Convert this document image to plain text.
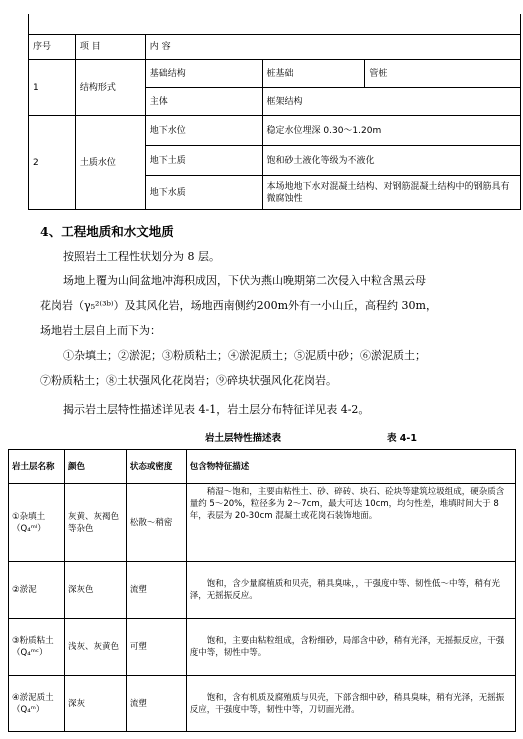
序号	项 目	内 容		
1	结构形式	基础结构	桩基础	管桩
		主体	框架结构	
2	土质水位	地下水位	稳定水位埋深 0.30～1.20m	
		地下土质	饱和砂土液化等级为不液化	
		地下水质	本场地地下水对混凝土结构、对钢筋混凝土结构中的钢筋具有微腐蚀性	
4、工程地质和水文地质
按照岩土工程性状划分为 8 层。
场地上覆为山间盆地冲海积成因，下伏为燕山晚期第二次侵入中粒含黑云母
花岗岩（γ₅²⁽³ᵇ⁾）及其风化岩，场地西南侧约200m外有一小山丘，高程约 30m，
场地岩土层自上而下为：
①杂填土；②淤泥；③粉质粘土；④淤泥质土；⑤泥质中砂；⑥淤泥质土；
⑦粉质粘土；⑧土状强风化花岗岩；⑨碎块状强风化花岗岩。
揭示岩土层特性描述详见表 4-1，岩土层分布特征详见表 4-2。
岩土层特性描述表	表 4-1
岩土层名称	颜色	状态或密度	包含物特征描述
①杂填土（Q₄ᵐˡ）	灰黄、灰褐色等杂色	松散～稍密	稍湿～饱和，主要由粘性土、砂、碎砖、块石、砼块等建筑垃圾组成，硬杂质含量约 5～20%，粒径多为 2～7cm，最大可达 10cm，均匀性差，堆填时间大于 8 年，表层为 20-30cm 混凝土或花岗石装饰地面。
②淤泥	深灰色	流塑	饱和，含少量腐植质和贝壳，稍具臭味，，干强度中等、韧性低～中等，稍有光泽，无摇振反应。
③粉质粘土（Q₄ᵐᶜ）	浅灰、灰黄色	可塑	饱和，主要由粘粒组成，含粉细砂，局部含中砂，稍有光泽，无摇振反应，干强度中等，韧性中等。
④淤泥质土（Q₄ᵐ）	深灰	流塑	饱和，含有机质及腐殖质与贝壳，下部含细中砂，稍具臭味，稍有光泽，无摇振反应，干强度中等，韧性中等，刀切面光滑。
